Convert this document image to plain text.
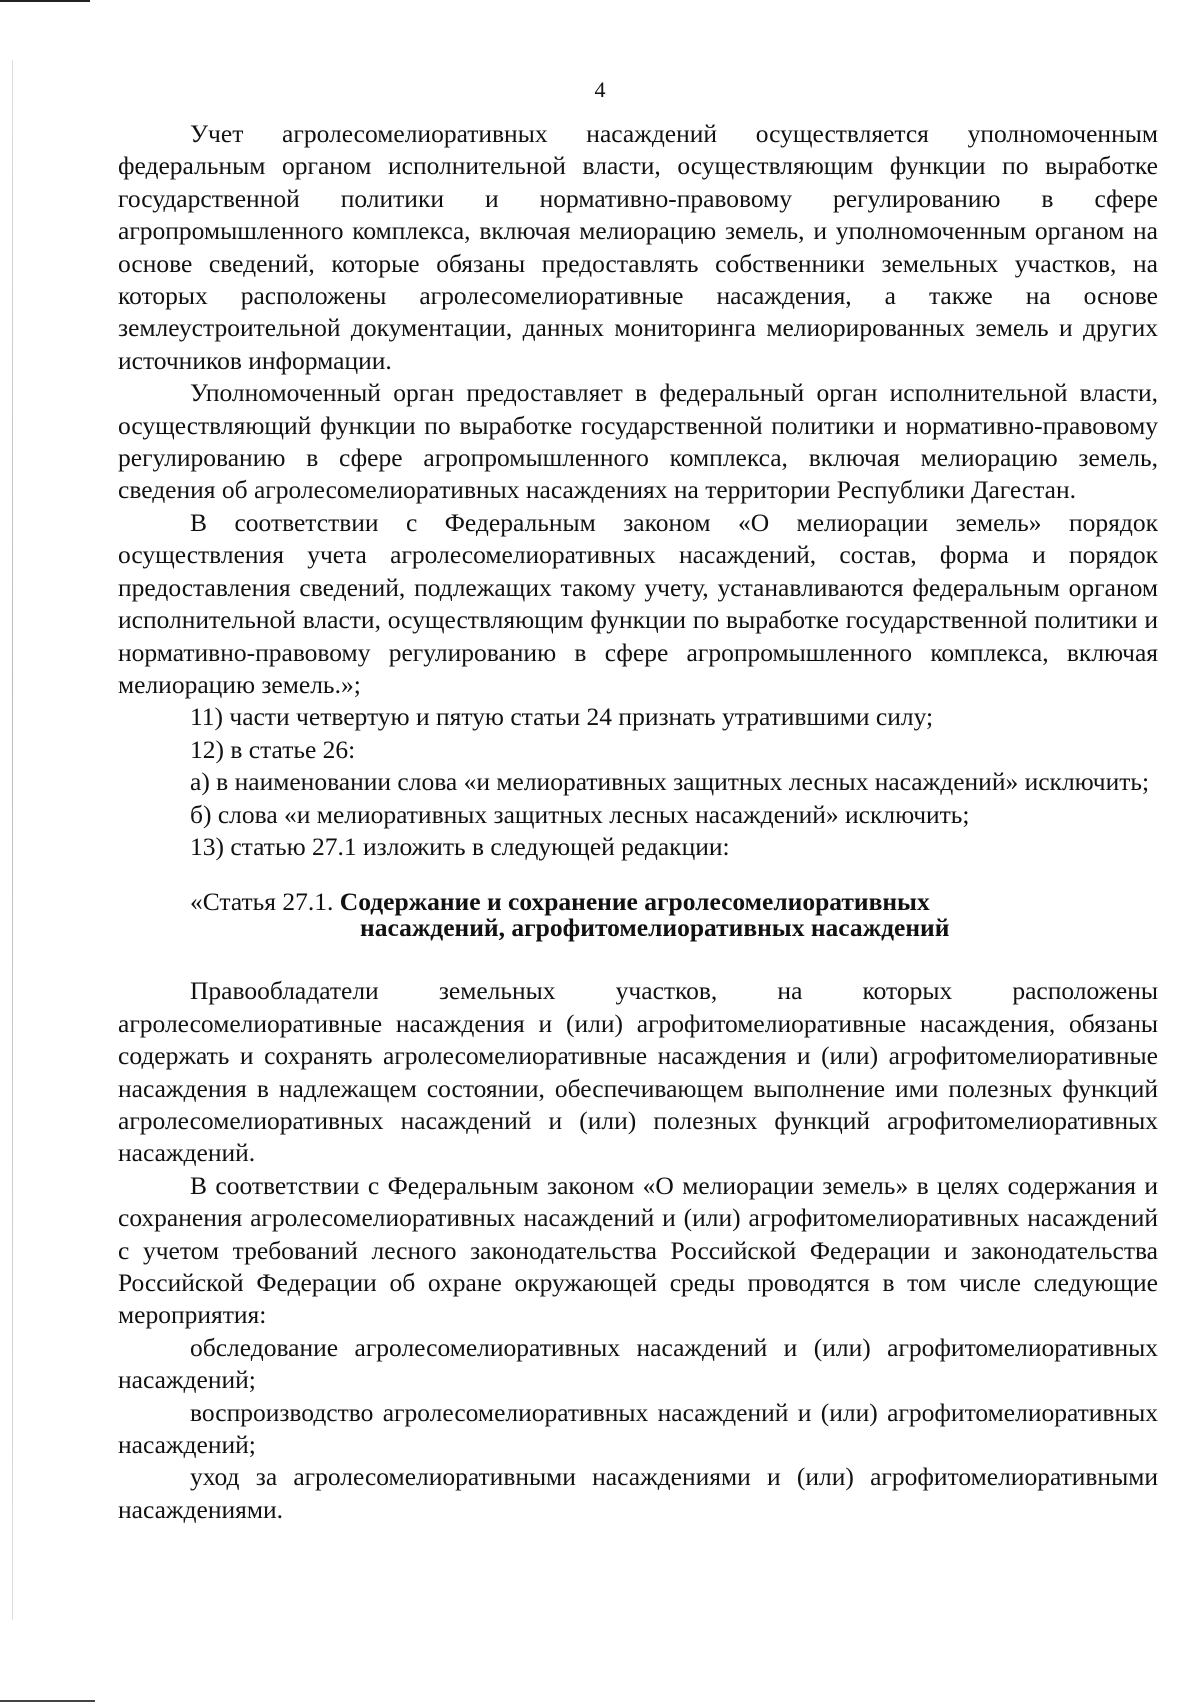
4

Учет агролесомелиоративных насаждений осуществляется уполномоченным федеральным органом исполнительной власти, осуществляющим функции по выработке государственной политики и нормативно-правовому регулированию в сфере агропромышленного комплекса, включая мелиорацию земель, и уполномоченным органом на основе сведений, которые обязаны предоставлять собственники земельных участков, на которых расположены агролесомелиоративные насаждения, а также на основе землеустроительной документации, данных мониторинга мелиорированных земель и других источников информации.

Уполномоченный орган предоставляет в федеральный орган исполнительной власти, осуществляющий функции по выработке государственной политики и нормативно-правовому регулированию в сфере агропромышленного комплекса, включая мелиорацию земель, сведения об агролесомелиоративных насаждениях на территории Республики Дагестан.

В соответствии с Федеральным законом «О мелиорации земель» порядок осуществления учета агролесомелиоративных насаждений, состав, форма и порядок предоставления сведений, подлежащих такому учету, устанавливаются федеральным органом исполнительной власти, осуществляющим функции по выработке государственной политики и нормативно-правовому регулированию в сфере агропромышленного комплекса, включая мелиорацию земель.»;

11) части четвертую и пятую статьи 24 признать утратившими силу;

12) в статье 26:

а) в наименовании слова «и мелиоративных защитных лесных насаждений» исключить;

б) слова «и мелиоративных защитных лесных насаждений» исключить;

13) статью 27.1 изложить в следующей редакции:

«Статья 27.1. Содержание и сохранение агролесомелиоративных
насаждений, агрофитомелиоративных насаждений

Правообладатели земельных участков, на которых расположены агролесомелиоративные насаждения и (или) агрофитомелиоративные насаждения, обязаны содержать и сохранять агролесомелиоративные насаждения и (или) агрофитомелиоративные насаждения в надлежащем состоянии, обеспечивающем выполнение ими полезных функций агролесомелиоративных насаждений и (или) полезных функций агрофитомелиоративных насаждений.

В соответствии с Федеральным законом «О мелиорации земель» в целях содержания и сохранения агролесомелиоративных насаждений и (или) агрофитомелиоративных насаждений с учетом требований лесного законодательства Российской Федерации и законодательства Российской Федерации об охране окружающей среды проводятся в том числе следующие мероприятия:

обследование агролесомелиоративных насаждений и (или) агрофитомелиоративных насаждений;

воспроизводство агролесомелиоративных насаждений и (или) агрофитомелиоративных насаждений;

уход за агролесомелиоративными насаждениями и (или) агрофитомелиоративными насаждениями.
